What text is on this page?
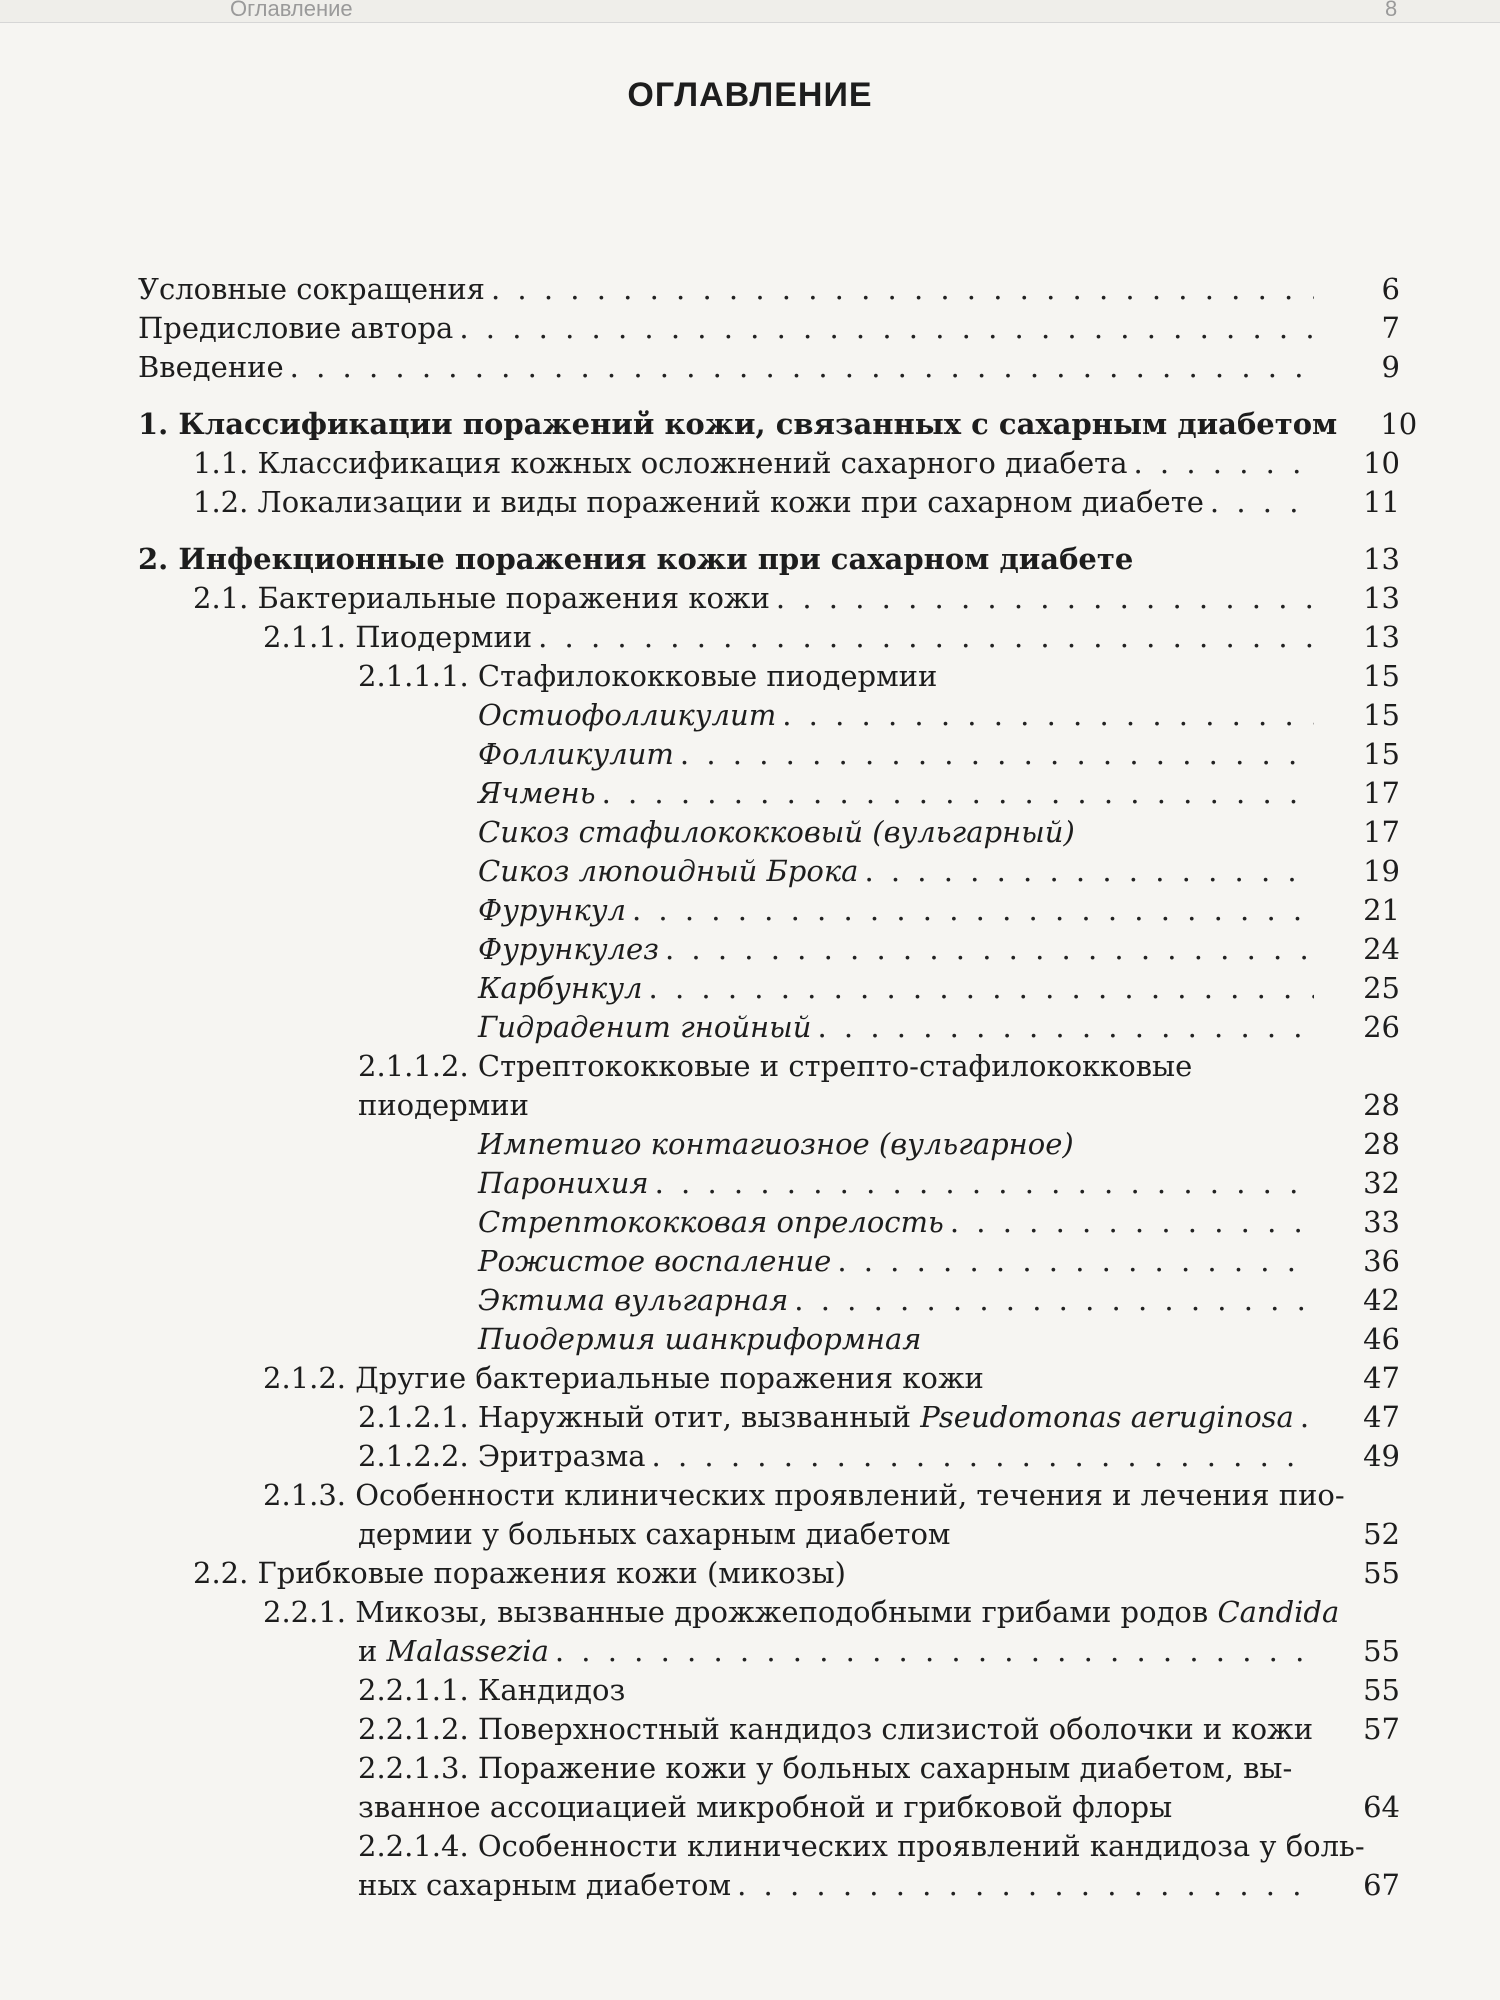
Оглавление	8
ОГЛАВЛЕНИЕ
Условные сокращения . . .	6
Предисловие автора . . .	7
Введение . . .	9
1. Классификации поражений кожи, связанных с сахарным диабетом	10
1.1. Классификация кожных осложнений сахарного диабета . . .	10
1.2. Локализации и виды поражений кожи при сахарном диабете . . .	11
2. Инфекционные поражения кожи при сахарном диабете	13
2.1. Бактериальные поражения кожи . . .	13
2.1.1. Пиодермии . . .	13
2.1.1.1. Стафилококковые пиодермии	15
Остиофолликулит . . .	15
Фолликулит . . .	15
Ячмень . . .	17
Сикоз стафилококковый (вульгарный)	17
Сикоз люпоидный Брока . . .	19
Фурункул . . .	21
Фурункулез . . .	24
Карбункул . . .	25
Гидраденит гнойный . . .	26
2.1.1.2. Стрептококковые и стрепто-стафилококковые
пиодермии	28
Импетиго контагиозное (вульгарное)	28
Паронихия . . .	32
Стрептококковая опрелость . . .	33
Рожистое воспаление . . .	36
Эктима вульгарная . . .	42
Пиодермия шанкриформная	46
2.1.2. Другие бактериальные поражения кожи	47
2.1.2.1. Наружный отит, вызванный Pseudomonas aeruginosa . . .	47
2.1.2.2. Эритразма . . .	49
2.1.3. Особенности клинических проявлений, течения и лечения пио-
дермии у больных сахарным диабетом	52
2.2. Грибковые поражения кожи (микозы)	55
2.2.1. Микозы, вызванные дрожжеподобными грибами родов Candida
и Malassezia . . .	55
2.2.1.1. Кандидоз	55
2.2.1.2. Поверхностный кандидоз слизистой оболочки и кожи	57
2.2.1.3. Поражение кожи у больных сахарным диабетом, вы-
званное ассоциацией микробной и грибковой флоры	64
2.2.1.4. Особенности клинических проявлений кандидоза у боль-
ных сахарным диабетом . . .	67
